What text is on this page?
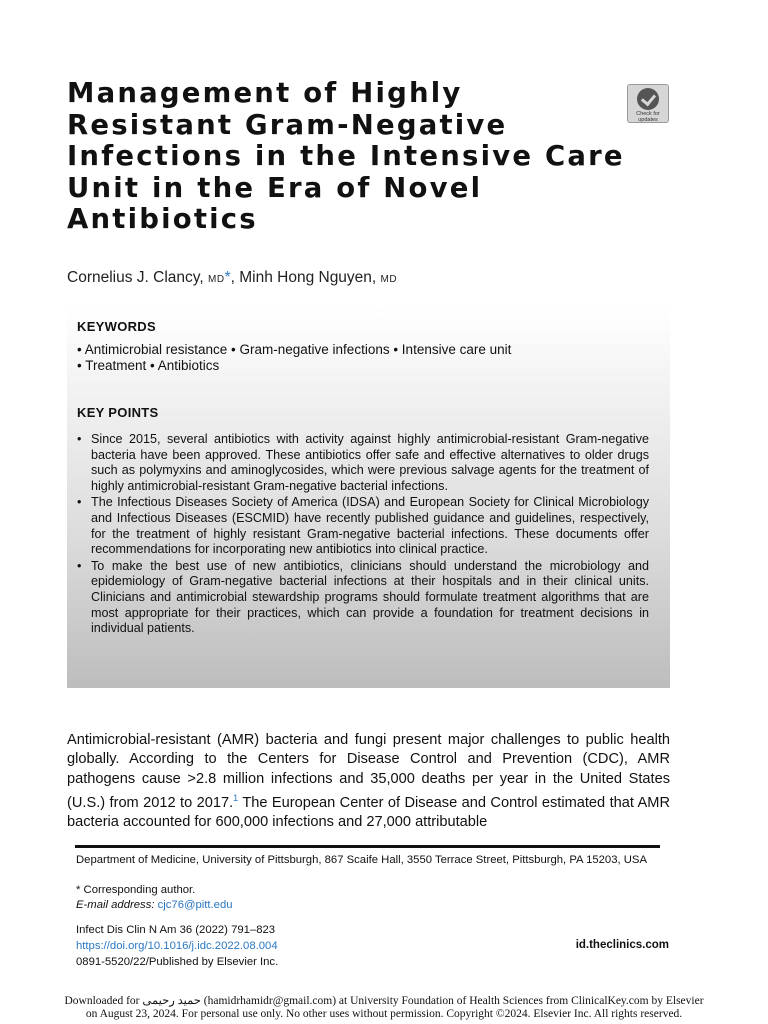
Management of Highly Resistant Gram-Negative Infections in the Intensive Care Unit in the Era of Novel Antibiotics
Check for updates

Cornelius J. Clancy, MD*, Minh Hong Nguyen, MD

KEYWORDS

• Antimicrobial resistance • Gram-negative infections • Intensive care unit

• Treatment • Antibiotics

KEY POINTS
• Since 2015, several antibiotics with activity against highly antimicrobial-resistant Gram-negative bacteria have been approved. These antibiotics offer safe and effective alternatives to older drugs such as polymyxins and aminoglycosides, which were previous salvage agents for the treatment of highly antimicrobial-resistant Gram-negative bacterial infections.
• The Infectious Diseases Society of America (IDSA) and European Society for Clinical Microbiology and Infectious Diseases (ESCMID) have recently published guidance and guidelines, respectively, for the treatment of highly resistant Gram-negative bacterial infections. These documents offer recommendations for incorporating new antibiotics into clinical practice.
• To make the best use of new antibiotics, clinicians should understand the microbiology and epidemiology of Gram-negative bacterial infections at their hospitals and in their clinical units. Clinicians and antimicrobial stewardship programs should formulate treatment algorithms that are most appropriate for their practices, which can provide a foundation for treatment decisions in individual patients.

Antimicrobial-resistant (AMR) bacteria and fungi present major challenges to public health globally. According to the Centers for Disease Control and Prevention (CDC), AMR pathogens cause >2.8 million infections and 35,000 deaths per year in the United States (U.S.) from 2012 to 2017.$^1$ The European Center of Disease and Control estimated that AMR bacteria accounted for 600,000 infections and 27,000 attributable

Department of Medicine, University of Pittsburgh, 867 Scaife Hall, 3550 Terrace Street, Pittsburgh, PA 15203, USA

* Corresponding author.

E-mail address: cjc76@pitt.edu

Infect Dis Clin N Am 36 (2022) 791–823

https://doi.org/10.1016/j.idc.2022.08.004

0891-5520/22/Published by Elsevier Inc.

id.theclinics.com

Downloaded for حمید رحیمی (hamidrhamidr@gmail.com) at University Foundation of Health Sciences from ClinicalKey.com by Elsevier
on August 23, 2024. For personal use only. No other uses without permission. Copyright ©2024. Elsevier Inc. All rights reserved.
